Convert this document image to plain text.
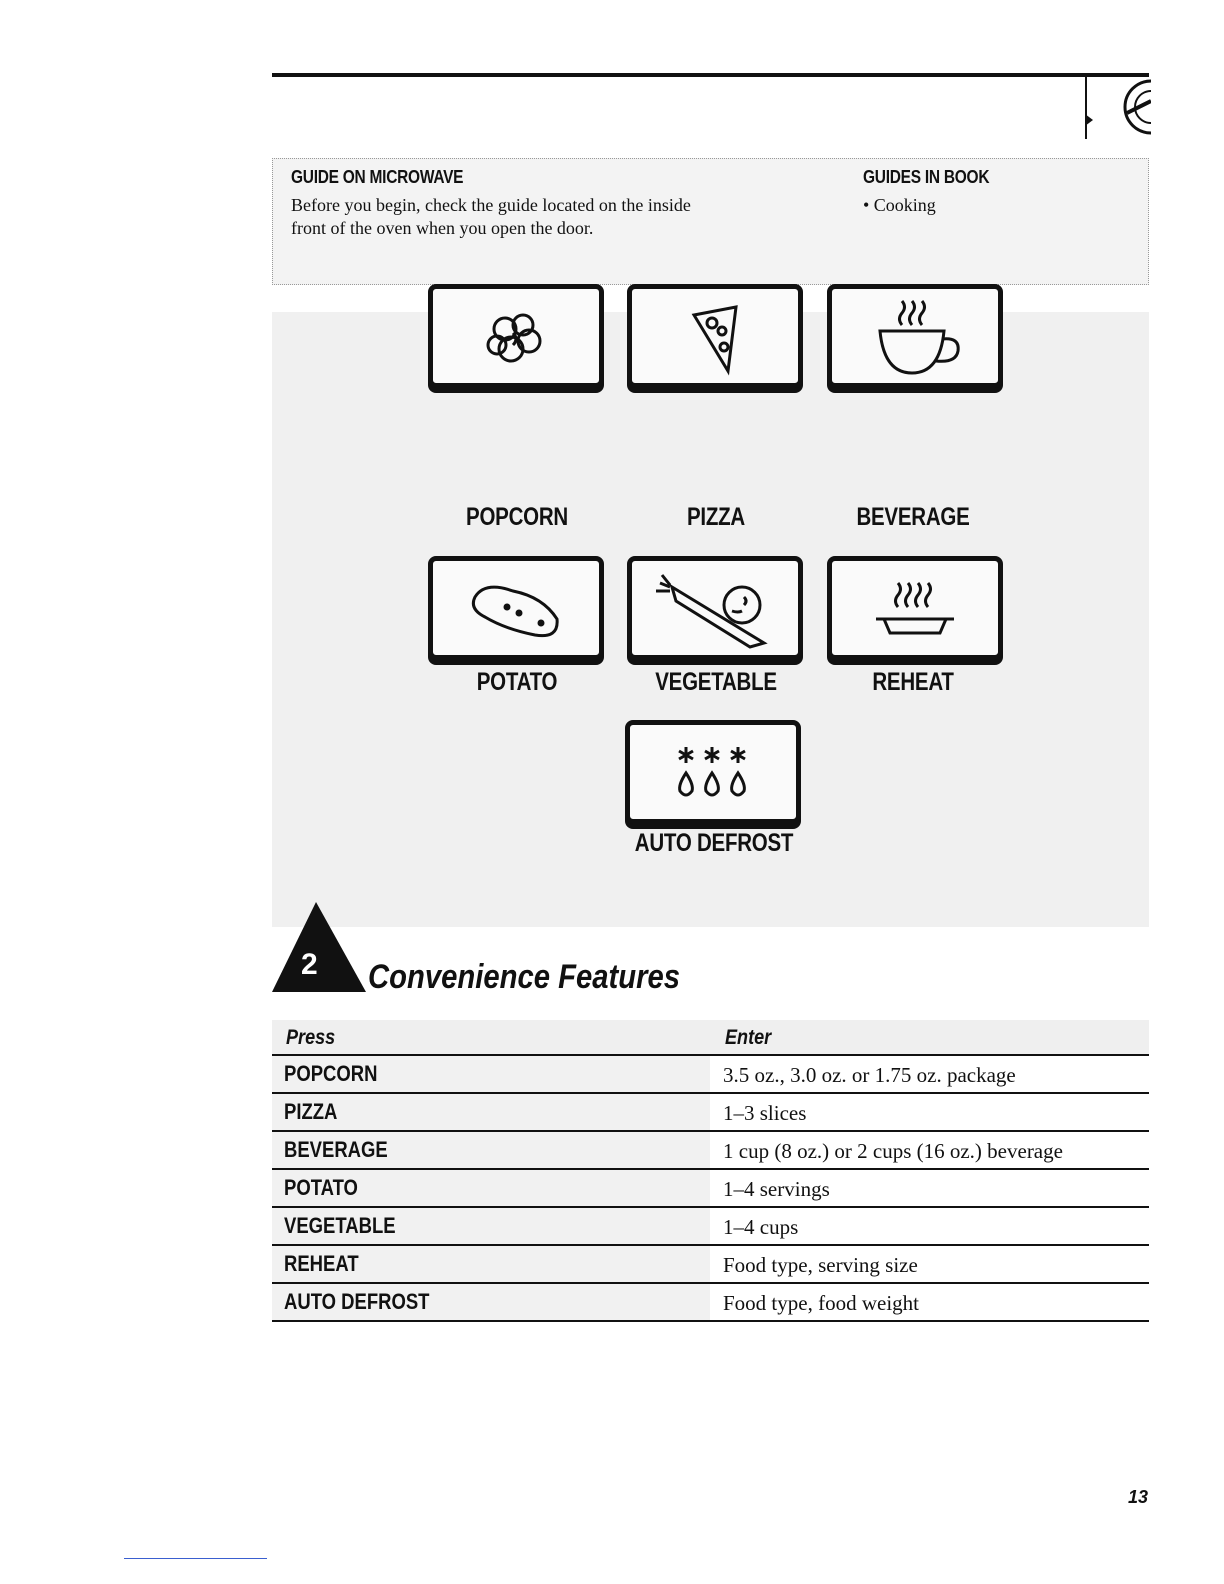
GUIDE ON MICROWAVE
Before you begin, check the guide located on the inside front of the oven when you open the door.
GUIDES IN BOOK
• Cooking
POPCORN	PIZZA	BEVERAGE
POTATO	VEGETABLE	REHEAT
AUTO DEFROST
2 Convenience Features
Press	Enter
POPCORN	3.5 oz., 3.0 oz. or 1.75 oz. package
PIZZA	1–3 slices
BEVERAGE	1 cup (8 oz.) or 2 cups (16 oz.) beverage
POTATO	1–4 servings
VEGETABLE	1–4 cups
REHEAT	Food type, serving size
AUTO DEFROST	Food type, food weight
13
